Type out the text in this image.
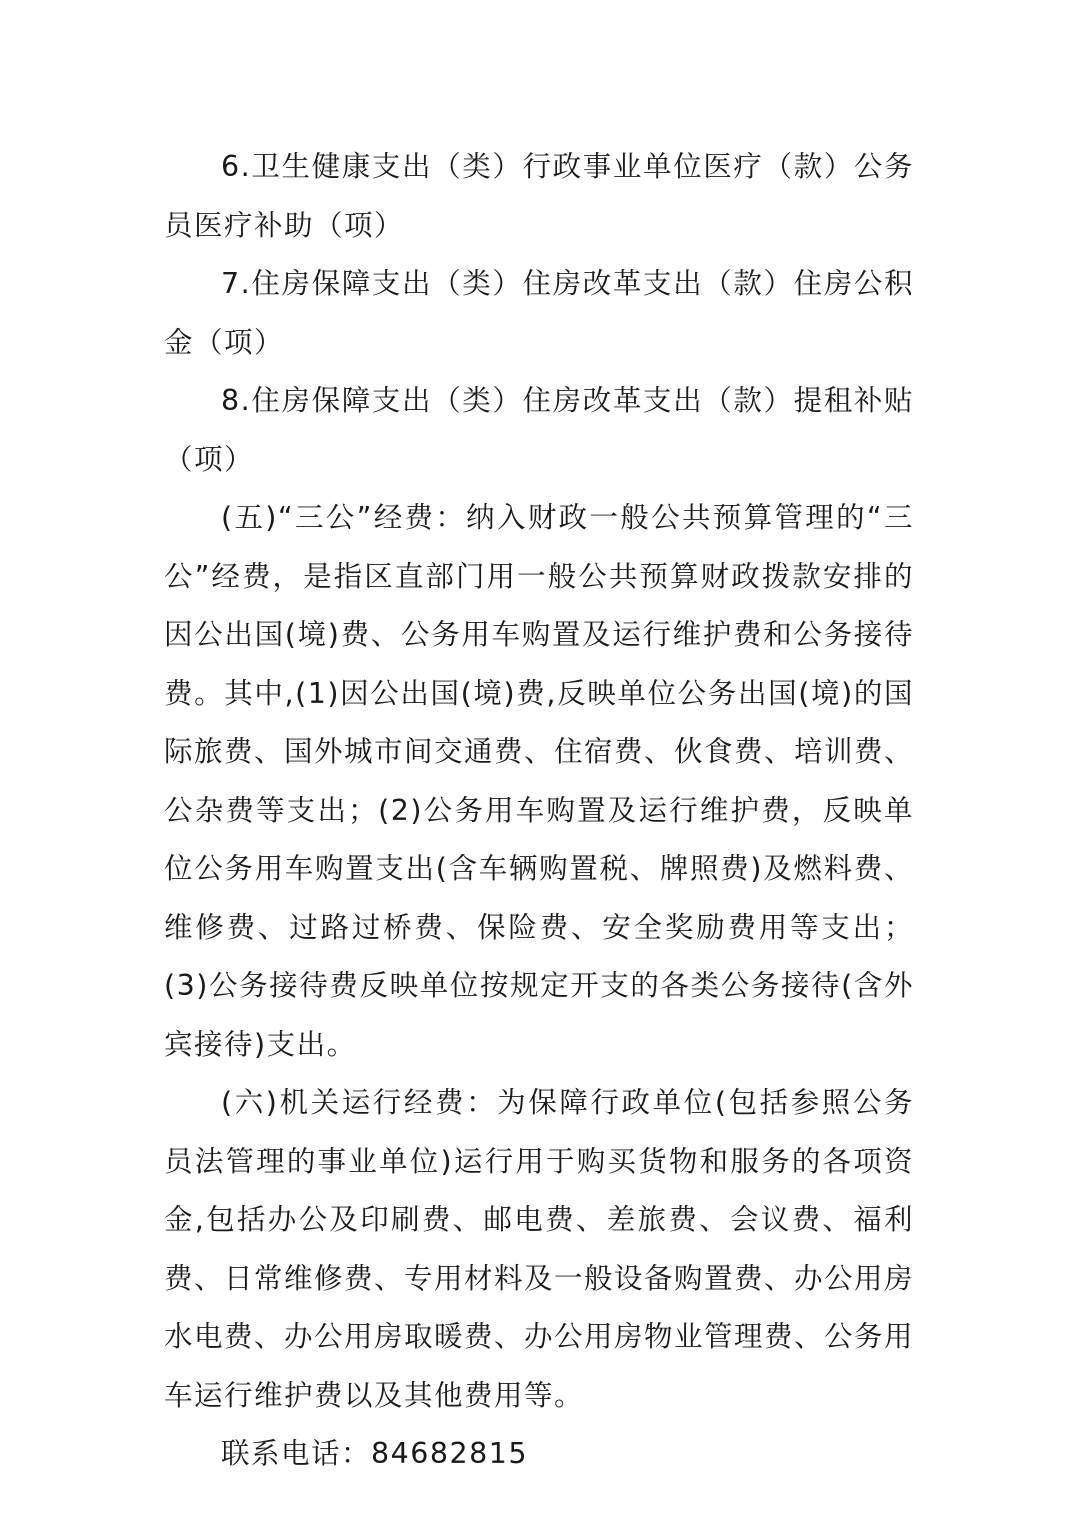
6.卫生健康支出（类）行政事业单位医疗（款）公务员医疗补助（项）

7.住房保障支出（类）住房改革支出（款）住房公积金（项）

8.住房保障支出（类）住房改革支出（款）提租补贴（项）

(五)“三公”经费：纳入财政一般公共预算管理的“三公”经费，是指区直部门用一般公共预算财政拨款安排的因公出国(境)费、公务用车购置及运行维护费和公务接待费。其中,(1)因公出国(境)费,反映单位公务出国(境)的国际旅费、国外城市间交通费、住宿费、伙食费、培训费、公杂费等支出；(2)公务用车购置及运行维护费，反映单位公务用车购置支出(含车辆购置税、牌照费)及燃料费、维修费、过路过桥费、保险费、安全奖励费用等支出；(3)公务接待费反映单位按规定开支的各类公务接待(含外宾接待)支出。

(六)机关运行经费：为保障行政单位(包括参照公务员法管理的事业单位)运行用于购买货物和服务的各项资金,包括办公及印刷费、邮电费、差旅费、会议费、福利费、日常维修费、专用材料及一般设备购置费、办公用房水电费、办公用房取暖费、办公用房物业管理费、公务用车运行维护费以及其他费用等。

联系电话：84682815
